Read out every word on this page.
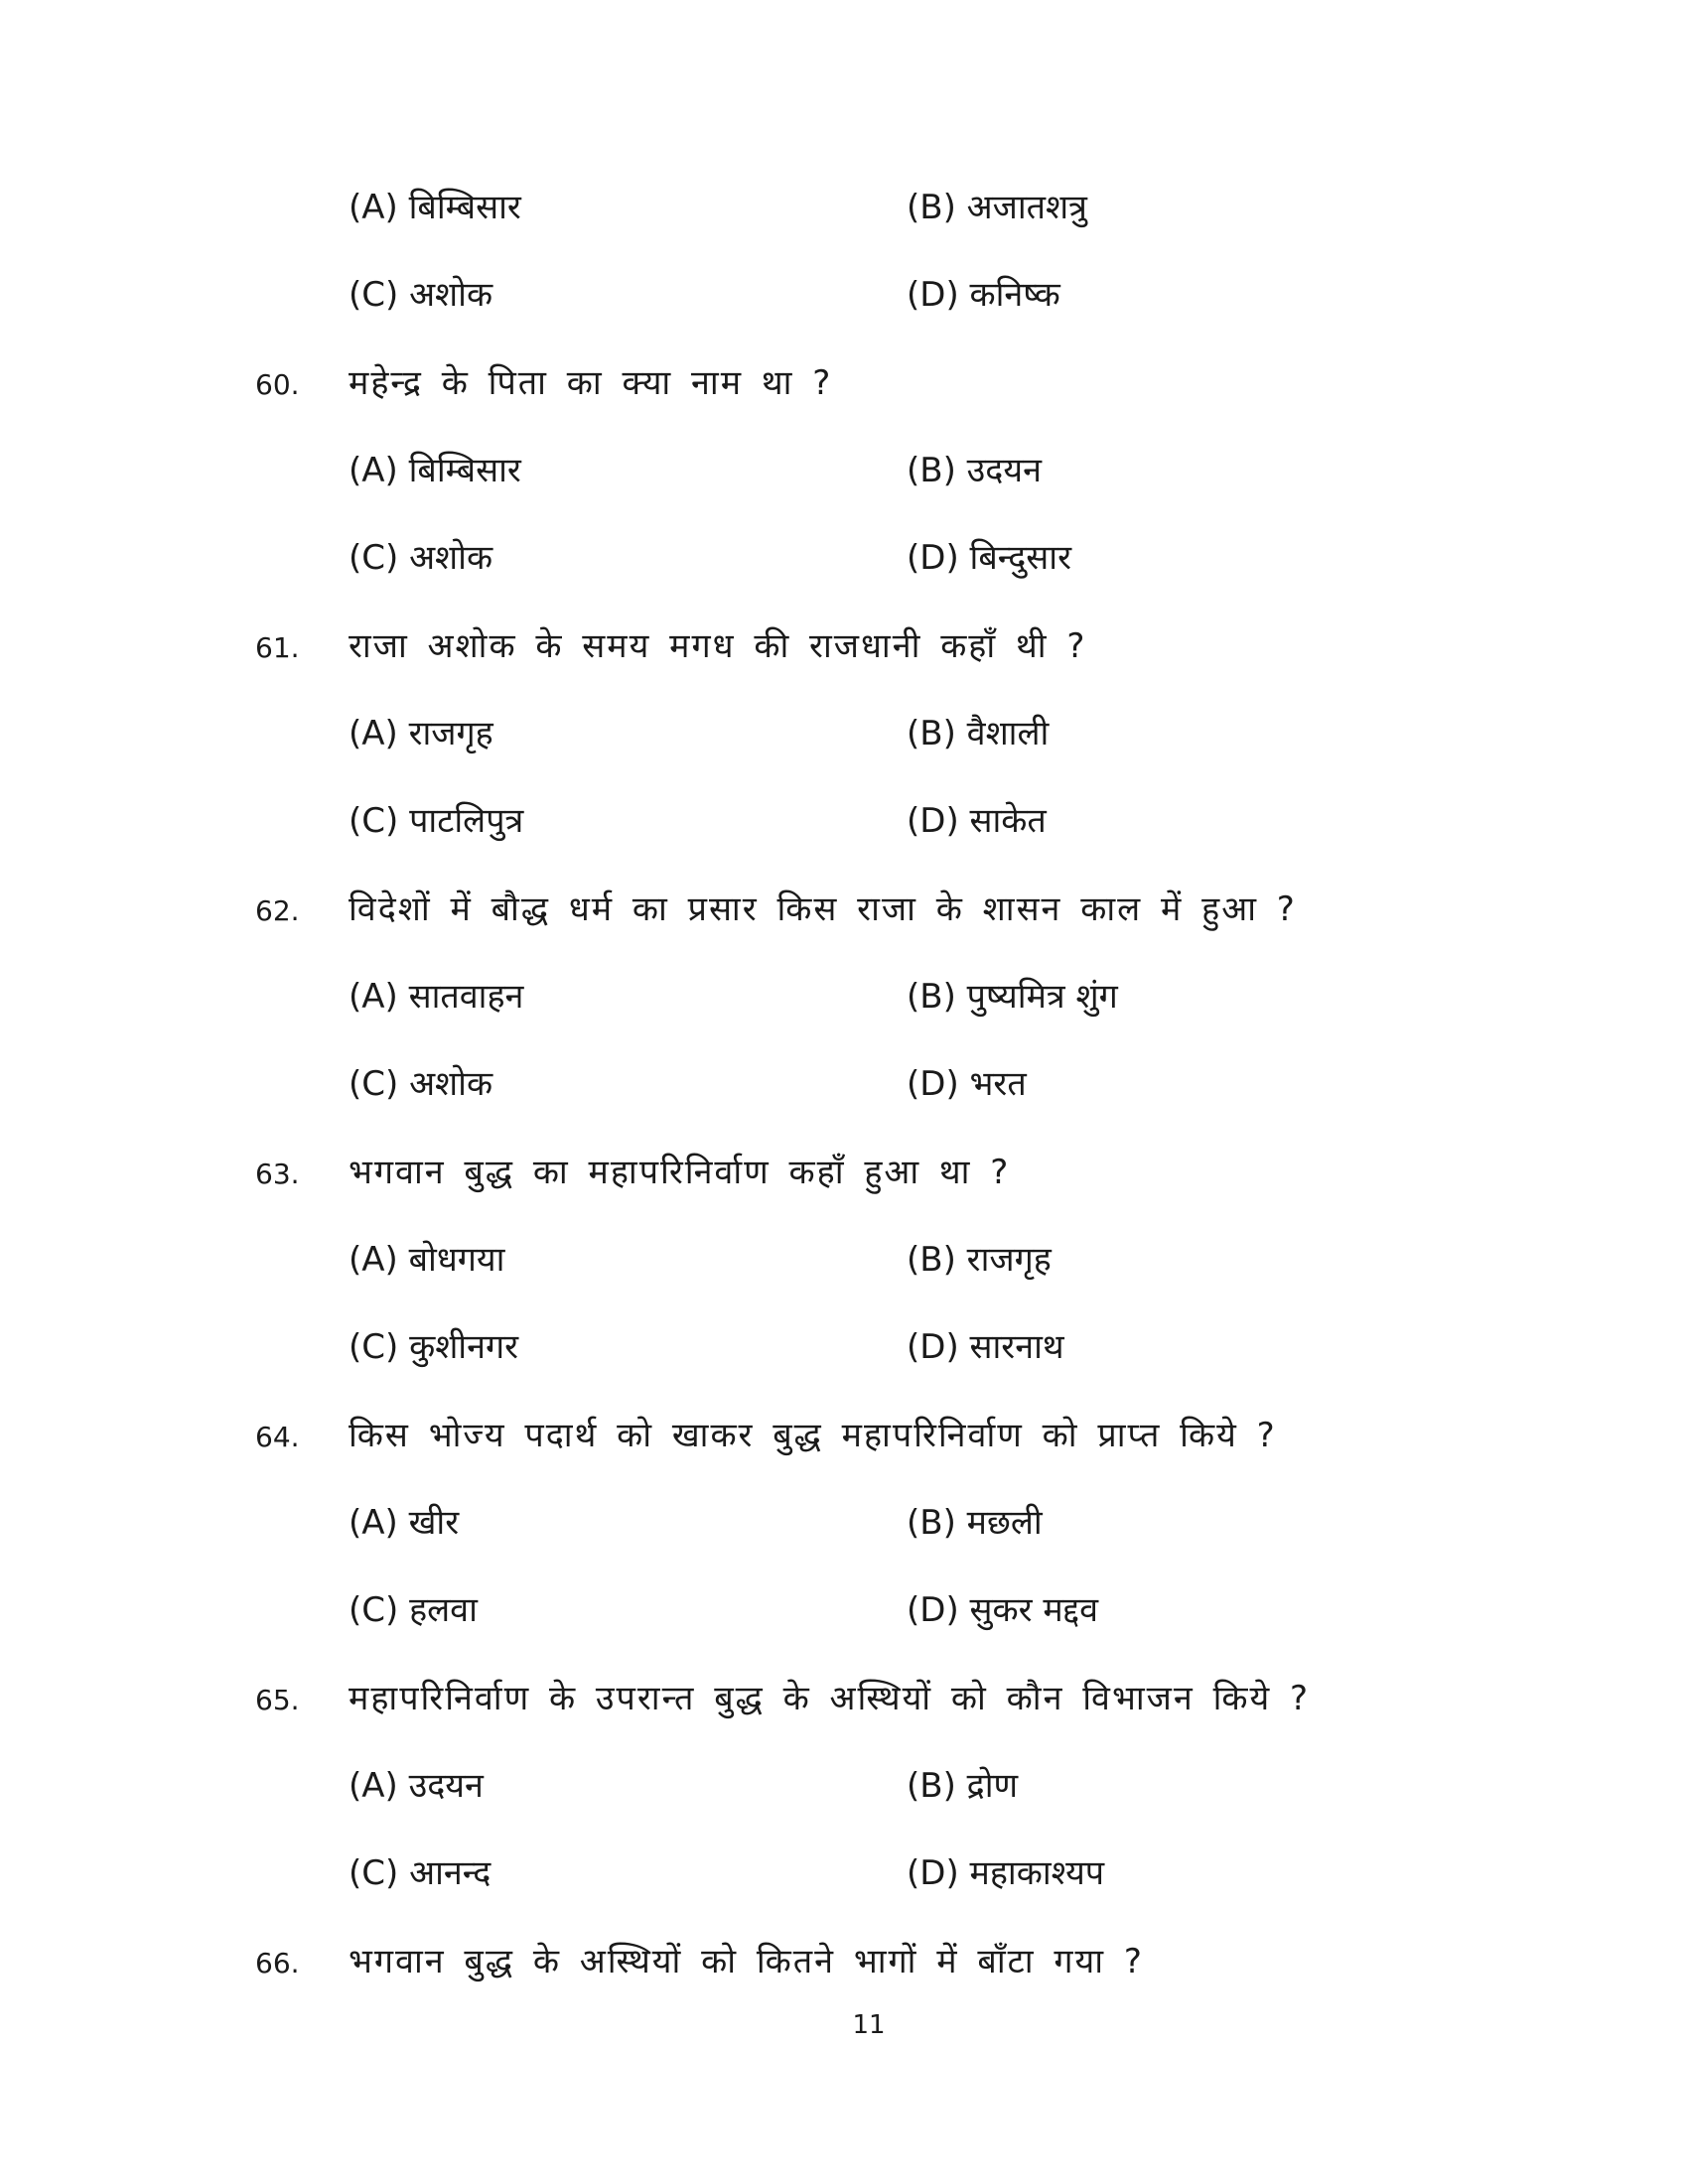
(A) बिम्बिसार	(B) अजातशत्रु
(C) अशोक	(D) कनिष्क
60. महेन्द्र के पिता का क्या नाम था ?
(A) बिम्बिसार	(B) उदयन
(C) अशोक	(D) बिन्दुसार
61. राजा अशोक के समय मगध की राजधानी कहाँ थी ?
(A) राजगृह	(B) वैशाली
(C) पाटलिपुत्र	(D) साकेत
62. विदेशों में बौद्ध धर्म का प्रसार किस राजा के शासन काल में हुआ ?
(A) सातवाहन	(B) पुष्यमित्र शुंग
(C) अशोक	(D) भरत
63. भगवान बुद्ध का महापरिनिर्वाण कहाँ हुआ था ?
(A) बोधगया	(B) राजगृह
(C) कुशीनगर	(D) सारनाथ
64. किस भोज्य पदार्थ को खाकर बुद्ध महापरिनिर्वाण को प्राप्त किये ?
(A) खीर	(B) मछली
(C) हलवा	(D) सुकर मद्दव
65. महापरिनिर्वाण के उपरान्त बुद्ध के अस्थियों को कौन विभाजन किये ?
(A) उदयन	(B) द्रोण
(C) आनन्द	(D) महाकाश्यप
66. भगवान बुद्ध के अस्थियों को कितने भागों में बाँटा गया ?
11
